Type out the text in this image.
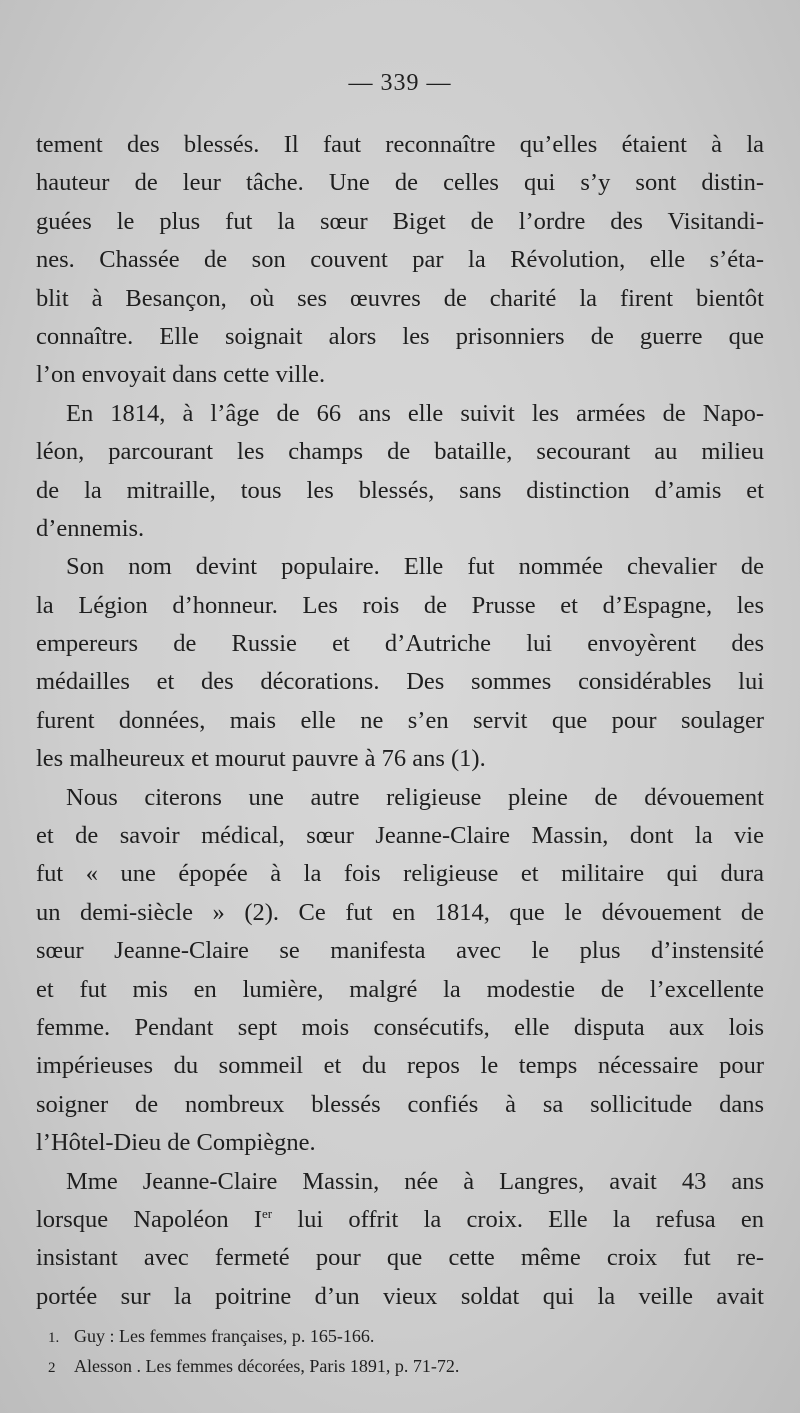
— 339 —
tement des blessés. Il faut reconnaître qu’elles étaient à la
hauteur de leur tâche. Une de celles qui s’y sont distin-
guées le plus fut la sœur Biget de l’ordre des Visitandi-
nes. Chassée de son couvent par la Révolution, elle s’éta-
blit à Besançon, où ses œuvres de charité la firent bientôt
connaître. Elle soignait alors les prisonniers de guerre que
l’on envoyait dans cette ville.
En 1814, à l’âge de 66 ans elle suivit les armées de Napo-
léon, parcourant les champs de bataille, secourant au milieu
de la mitraille, tous les blessés, sans distinction d’amis et
d’ennemis.
Son nom devint populaire. Elle fut nommée chevalier de
la Légion d’honneur. Les rois de Prusse et d’Espagne, les
empereurs de Russie et d’Autriche lui envoyèrent des
médailles et des décorations. Des sommes considérables lui
furent données, mais elle ne s’en servit que pour soulager
les malheureux et mourut pauvre à 76 ans (1).
Nous citerons une autre religieuse pleine de dévouement
et de savoir médical, sœur Jeanne-Claire Massin, dont la vie
fut « une épopée à la fois religieuse et militaire qui dura
un demi-siècle » (2). Ce fut en 1814, que le dévouement de
sœur Jeanne-Claire se manifesta avec le plus d’instensité
et fut mis en lumière, malgré la modestie de l’excellente
femme. Pendant sept mois consécutifs, elle disputa aux lois
impérieuses du sommeil et du repos le temps nécessaire pour
soigner de nombreux blessés confiés à sa sollicitude dans
l’Hôtel-Dieu de Compiègne.
Mme Jeanne-Claire Massin, née à Langres, avait 43 ans
lorsque Napoléon Ier lui offrit la croix. Elle la refusa en
insistant avec fermeté pour que cette même croix fut re-
portée sur la poitrine d’un vieux soldat qui la veille avait
1. Guy : Les femmes françaises, p. 165-166.
2 Alesson . Les femmes décorées, Paris 1891, p. 71-72.
